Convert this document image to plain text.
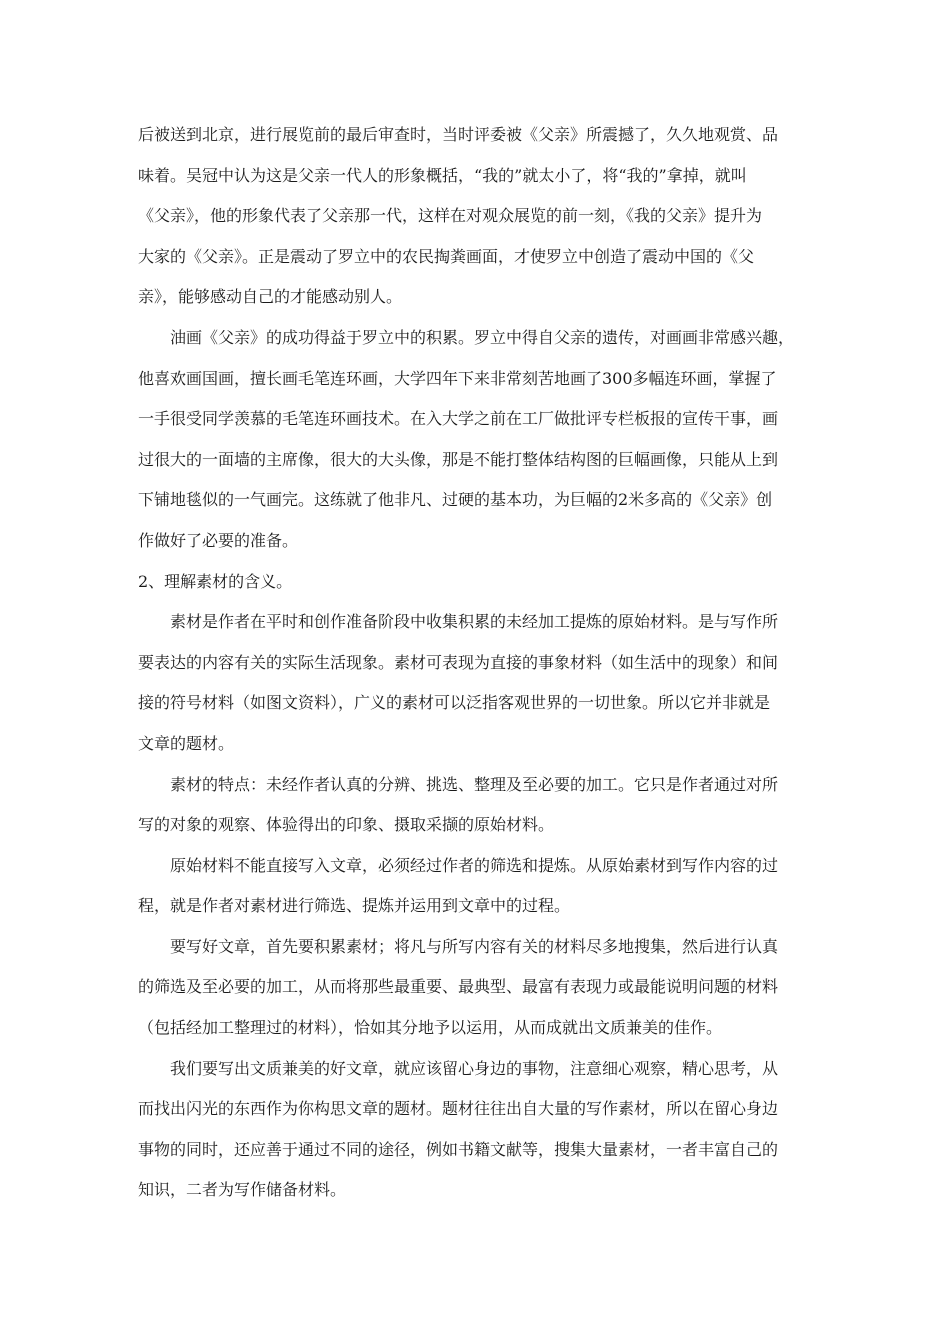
后被送到北京，进行展览前的最后审查时，当时评委被《父亲》所震撼了，久久地观赏、品
味着。吴冠中认为这是父亲一代人的形象概括，“我的”就太小了，将“我的”拿掉，就叫
《父亲》，他的形象代表了父亲那一代，这样在对观众展览的前一刻，《我的父亲》提升为
大家的《父亲》。正是震动了罗立中的农民掏粪画面，才使罗立中创造了震动中国的《父
亲》，能够感动自己的才能感动别人。
油画《父亲》的成功得益于罗立中的积累。罗立中得自父亲的遗传，对画画非常感兴趣，
他喜欢画国画，擅长画毛笔连环画，大学四年下来非常刻苦地画了300多幅连环画，掌握了
一手很受同学羡慕的毛笔连环画技术。在入大学之前在工厂做批评专栏板报的宣传干事，画
过很大的一面墙的主席像，很大的大头像，那是不能打整体结构图的巨幅画像，只能从上到
下铺地毯似的一气画完。这练就了他非凡、过硬的基本功，为巨幅的2米多高的《父亲》创
作做好了必要的准备。
2、理解素材的含义。
素材是作者在平时和创作准备阶段中收集积累的未经加工提炼的原始材料。是与写作所
要表达的内容有关的实际生活现象。素材可表现为直接的事象材料（如生活中的现象）和间
接的符号材料（如图文资料），广义的素材可以泛指客观世界的一切世象。所以它并非就是
文章的题材。
素材的特点：未经作者认真的分辨、挑选、整理及至必要的加工。它只是作者通过对所
写的对象的观察、体验得出的印象、摄取采撷的原始材料。
原始材料不能直接写入文章，必须经过作者的筛选和提炼。从原始素材到写作内容的过
程，就是作者对素材进行筛选、提炼并运用到文章中的过程。
要写好文章，首先要积累素材；将凡与所写内容有关的材料尽多地搜集，然后进行认真
的筛选及至必要的加工，从而将那些最重要、最典型、最富有表现力或最能说明问题的材料
（包括经加工整理过的材料），恰如其分地予以运用，从而成就出文质兼美的佳作。
我们要写出文质兼美的好文章，就应该留心身边的事物，注意细心观察，精心思考，从
而找出闪光的东西作为你构思文章的题材。题材往往出自大量的写作素材，所以在留心身边
事物的同时，还应善于通过不同的途径，例如书籍文献等，搜集大量素材，一者丰富自己的
知识，二者为写作储备材料。
